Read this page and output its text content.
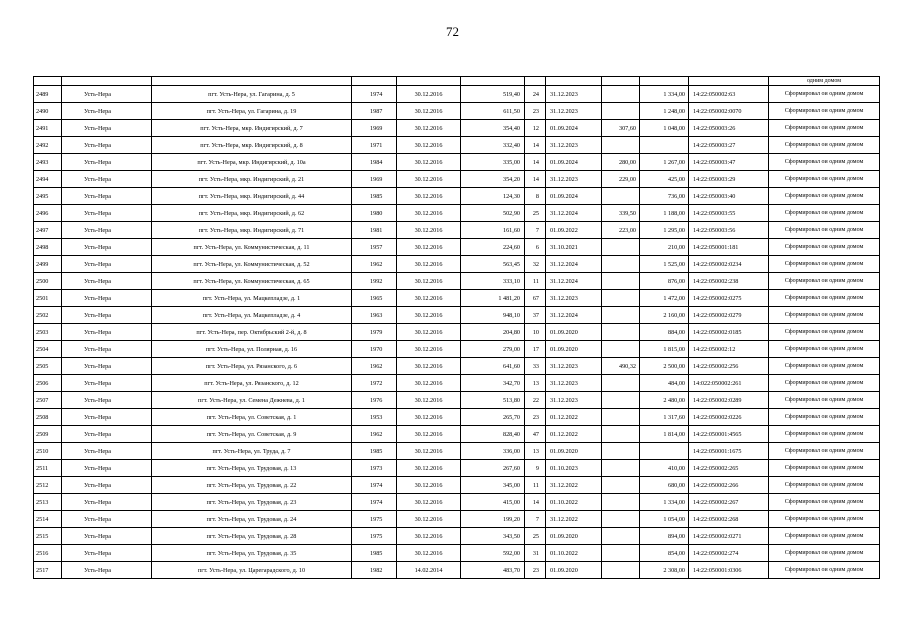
72
											одним домом
2489	Усть-Нера	пгт. Усть-Нера, ул. Гагарина, д. 5	1974	30.12.2016	519,40	24	31.12.2023		1 334,00	14:22:050002:63	Сформировал ои одним домом
2490	Усть-Нера	пгт. Усть-Нера, ул. Гагарина, д. 19	1987	30.12.2016	611,50	23	31.12.2023		1 248,00	14:22:050002:0070	Сформировал ои одним домом
2491	Усть-Нера	пгт. Усть-Нера, мкр. Индигирский, д. 7	1969	30.12.2016	354,40	12	01.09.2024	307,60	1 048,00	14:22:050003:26	Сформировал ои одним домом
2492	Усть-Нера	пгт. Усть-Нера, мкр. Индигирский, д. 8	1971	30.12.2016	332,40	14	31.12.2023			14:22:050003:27	Сформировал ои одним домом
2493	Усть-Нера	пгт. Усть-Нера, мкр. Индигирский, д. 10а	1984	30.12.2016	335,00	14	01.09.2024	280,00	1 267,00	14:22:050003:47	Сформировал ои одним домом
2494	Усть-Нера	пгт. Усть-Нера, мкр. Индигирский, д. 21	1969	30.12.2016	354,20	14	31.12.2023	229,00	425,00	14:22:050003:29	Сформировал ои одним домом
2495	Усть-Нера	пгт. Усть-Нера, мкр. Индигирский, д. 44	1985	30.12.2016	124,30	8	01.09.2024		736,00	14:22:050003:40	Сформировал ои одним домом
2496	Усть-Нера	пгт. Усть-Нера, мкр. Индигирский, д. 62	1980	30.12.2016	502,90	25	31.12.2024	339,50	1 188,00	14:22:050003:55	Сформировал ои одним домом
2497	Усть-Нера	пгт. Усть-Нера, мкр. Индигирский, д. 71	1981	30.12.2016	161,60	7	01.09.2022	223,00	1 295,00	14:22:050003:56	Сформировал ои одним домом
2498	Усть-Нера	пгт. Усть-Нера, ул. Коммунистическая, д. 11	1957	30.12.2016	224,60	6	31.10.2021		210,00	14:22:050001:181	Сформировал ои одним домом
2499	Усть-Нера	пгт. Усть-Нера, ул. Коммунистическая, д. 52	1962	30.12.2016	563,45	32	31.12.2024		1 525,00	14:22:050002:0234	Сформировал ои одним домом
2500	Усть-Нера	пгт. Усть-Нера, ул. Коммунистическая, д. 65	1992	30.12.2016	333,10	11	31.12.2024		876,00	14:22:050002:238	Сформировал ои одним домом
2501	Усть-Нера	пгт. Усть-Нера, ул. Мацкепладзе, д. 1	1965	30.12.2016	1 481,20	67	31.12.2023		1 472,00	14:22:050002:0275	Сформировал ои одним домом
2502	Усть-Нера	пгт. Усть-Нера, ул. Мацкепладзе, д. 4	1963	30.12.2016	948,10	37	31.12.2024		2 160,00	14:22:050002:0279	Сформировал ои одним домом
2503	Усть-Нера	пгт. Усть-Нера, пер. Октябрьский 2-й, д. 8	1979	30.12.2016	204,80	10	01.09.2020		884,00	14:22:050002:0185	Сформировал ои одним домом
2504	Усть-Нера	пгт. Усть-Нера, ул. Полярная, д. 16	1970	30.12.2016	279,00	17	01.09.2020		1 815,00	14:22:050002:12	Сформировал ои одним домом
2505	Усть-Нера	пгт. Усть-Нера, ул. Рязанского, д. 6	1962	30.12.2016	641,60	33	31.12.2023	490,32	2 500,00	14:22:050002:256	Сформировал ои одним домом
2506	Усть-Нера	пгт. Усть-Нера, ул. Рязанского, д. 12	1972	30.12.2016	342,70	13	31.12.2023		484,00	14:022:050002:261	Сформировал ои одним домом
2507	Усть-Нера	пгт. Усть-Нера, ул. Семена Дежнева, д. 1	1976	30.12.2016	513,80	22	31.12.2023		2 480,00	14:22:050002:0289	Сформировал ои одним домом
2508	Усть-Нера	пгт. Усть-Нера, ул. Советская, д. 1	1953	30.12.2016	265,70	23	01.12.2022		1 317,60	14:22:050002:0226	Сформировал ои одним домом
2509	Усть-Нера	пгт. Усть-Нера, ул. Советская, д. 9	1962	30.12.2016	828,40	47	01.12.2022		1 814,00	14:22:050001:4565	Сформировал ои одним домом
2510	Усть-Нера	пгт. Усть-Нера, ул. Труда, д. 7	1985	30.12.2016	336,00	13	01.09.2020			14:22:050001:1675	Сформировал ои одним домом
2511	Усть-Нера	пгт. Усть-Нера, ул. Трудовая, д. 13	1973	30.12.2016	267,60	9	01.10.2023		410,00	14:22:050002:265	Сформировал ои одним домом
2512	Усть-Нера	пгт. Усть-Нера, ул. Трудовая, д. 22	1974	30.12.2016	345,00	11	31.12.2022		680,00	14:22:050002:266	Сформировал ои одним домом
2513	Усть-Нера	пгт. Усть-Нера, ул. Трудовая, д. 23	1974	30.12.2016	415,00	14	01.10.2022		1 334,00	14:22:050002:267	Сформировал ои одним домом
2514	Усть-Нера	пгт. Усть-Нера, ул. Трудовая, д. 24	1975	30.12.2016	199,20	7	31.12.2022		1 054,00	14:22:050002:268	Сформировал ои одним домом
2515	Усть-Нера	пгт. Усть-Нера, ул. Трудовая, д. 28	1975	30.12.2016	343,50	25	01.09.2020		894,00	14:22:050002:0271	Сформировал ои одним домом
2516	Усть-Нера	пгт. Усть-Нера, ул. Трудовая, д. 35	1985	30.12.2016	592,00	31	01.10.2022		854,00	14:22:050002:274	Сформировал ои одним домом
2517	Усть-Нера	пгт. Усть-Нера, ул. Царегарадского, д. 10	1982	14.02.2014	483,70	23	01.09.2020		2 308,00	14:22:050001:0306	Сформировал ои одним домом
